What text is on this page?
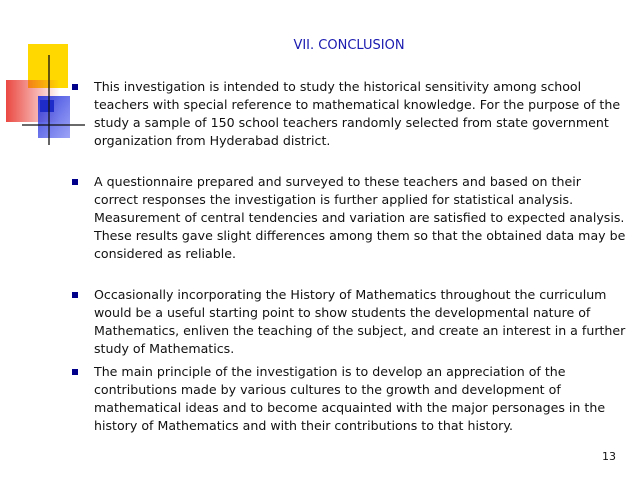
VII. CONCLUSION
This investigation is intended to study the historical sensitivity among school teachers with special reference to mathematical knowledge. For the purpose of the study a sample of 150 school teachers randomly selected from state government organization from Hyderabad district.
A questionnaire prepared and surveyed to these teachers and based on their correct responses the investigation is further applied for statistical analysis. Measurement of central tendencies and variation are satisfied to expected analysis. These results gave slight differences among them so that the obtained data may be considered as reliable.
Occasionally incorporating the History of Mathematics throughout the curriculum would be a useful starting point to show students the developmental nature of Mathematics, enliven the teaching of the subject, and create an interest in a further study of Mathematics.
The main principle of the investigation is to develop an appreciation of the contributions made by various cultures to the growth and development of mathematical ideas and to become acquainted with the major personages in the history of Mathematics and with their contributions to that history.
13
